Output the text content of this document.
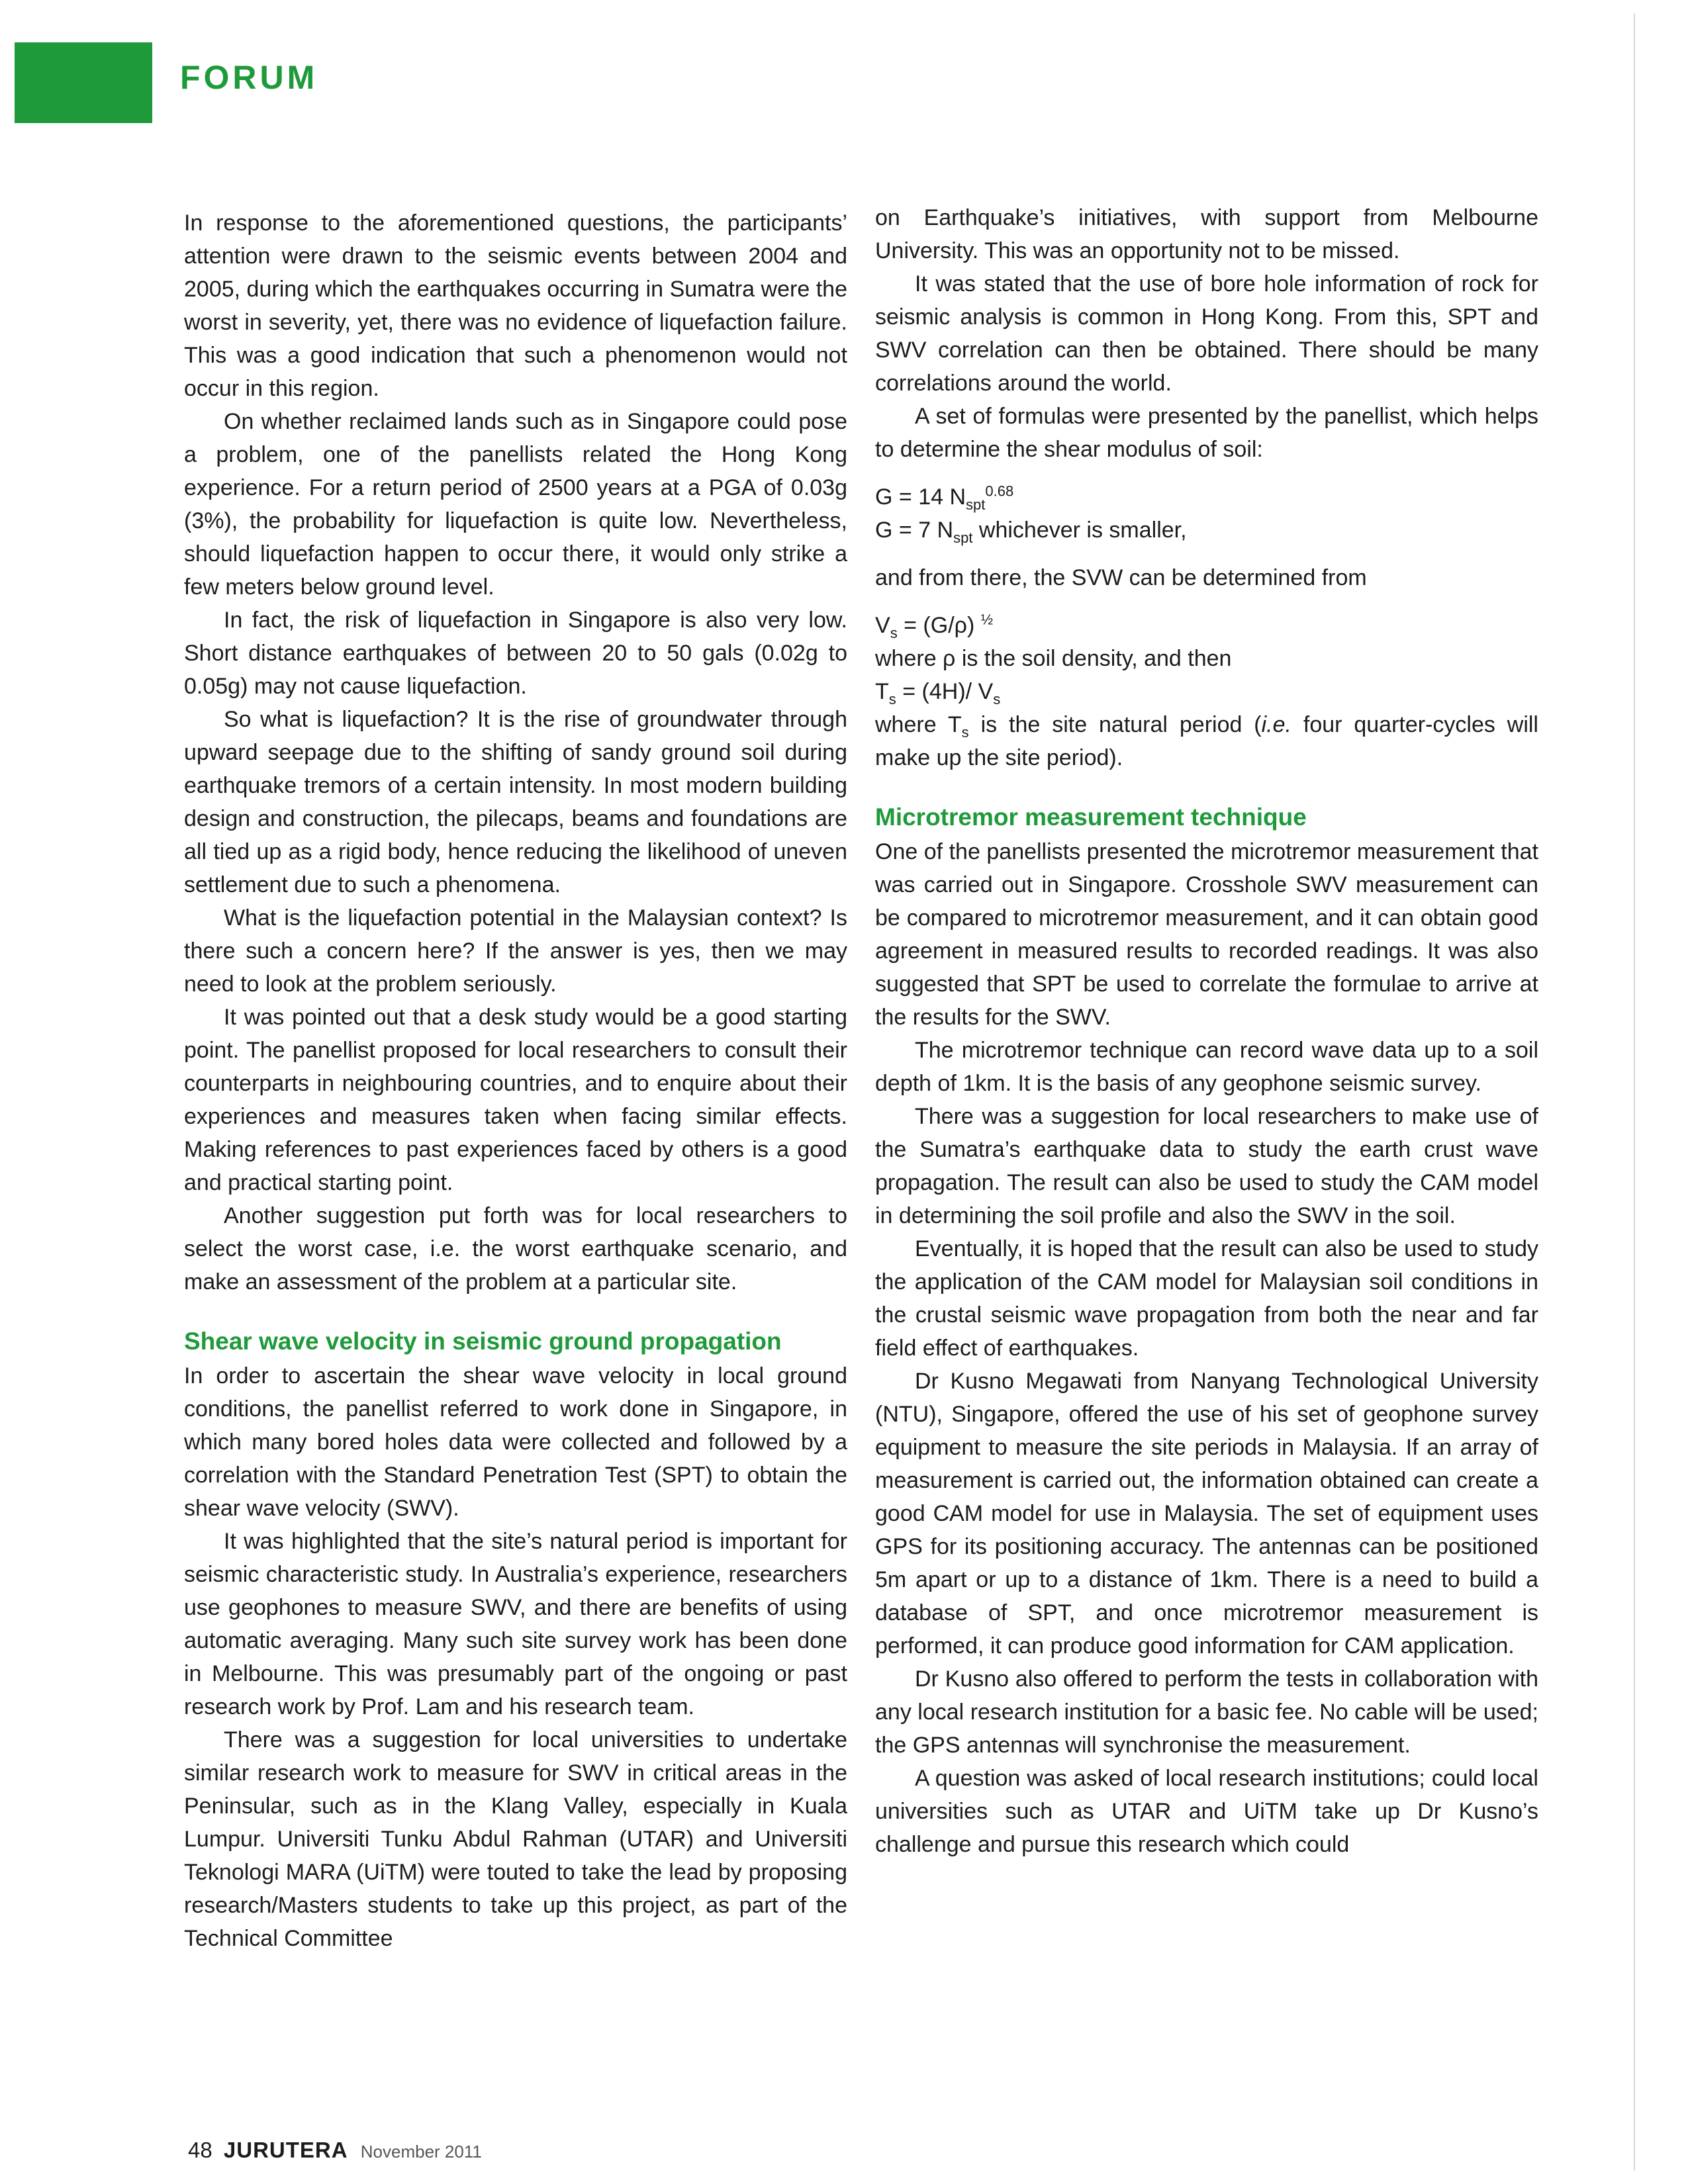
FORUM

In response to the aforementioned questions, the participants’ attention were drawn to the seismic events between 2004 and 2005, during which the earthquakes occurring in Sumatra were the worst in severity, yet, there was no evidence of liquefaction failure. This was a good indication that such a phenomenon would not occur in this region.

On whether reclaimed lands such as in Singapore could pose a problem, one of the panellists related the Hong Kong experience. For a return period of 2500 years at a PGA of 0.03g (3%), the probability for liquefaction is quite low. Nevertheless, should liquefaction happen to occur there, it would only strike a few meters below ground level.

In fact, the risk of liquefaction in Singapore is also very low. Short distance earthquakes of between 20 to 50 gals (0.02g to 0.05g) may not cause liquefaction.

So what is liquefaction? It is the rise of groundwater through upward seepage due to the shifting of sandy ground soil during earthquake tremors of a certain intensity. In most modern building design and construction, the pilecaps, beams and foundations are all tied up as a rigid body, hence reducing the likelihood of uneven settlement due to such a phenomena.

What is the liquefaction potential in the Malaysian context? Is there such a concern here? If the answer is yes, then we may need to look at the problem seriously.

It was pointed out that a desk study would be a good starting point. The panellist proposed for local researchers to consult their counterparts in neighbouring countries, and to enquire about their experiences and measures taken when facing similar effects. Making references to past experiences faced by others is a good and practical starting point.

Another suggestion put forth was for local researchers to select the worst case, i.e. the worst earthquake scenario, and make an assessment of the problem at a particular site.

Shear wave velocity in seismic ground propagation

In order to ascertain the shear wave velocity in local ground conditions, the panellist referred to work done in Singapore, in which many bored holes data were collected and followed by a correlation with the Standard Penetration Test (SPT) to obtain the shear wave velocity (SWV).

It was highlighted that the site’s natural period is important for seismic characteristic study. In Australia’s experience, researchers use geophones to measure SWV, and there are benefits of using automatic averaging. Many such site survey work has been done in Melbourne. This was presumably part of the ongoing or past research work by Prof. Lam and his research team.

There was a suggestion for local universities to undertake similar research work to measure for SWV in critical areas in the Peninsular, such as in the Klang Valley, especially in Kuala Lumpur. Universiti Tunku Abdul Rahman (UTAR) and Universiti Teknologi MARA (UiTM) were touted to take the lead by proposing research/Masters students to take up this project, as part of the Technical Committee

on Earthquake’s initiatives, with support from Melbourne University. This was an opportunity not to be missed.

It was stated that the use of bore hole information of rock for seismic analysis is common in Hong Kong. From this, SPT and SWV correlation can then be obtained. There should be many correlations around the world.

A set of formulas were presented by the panellist, which helps to determine the shear modulus of soil:

G = 14 $N_{spt}^{0.68}$

G = 7 $N_{spt}$ whichever is smaller,

and from there, the SVW can be determined from

$V_s = (G/\rho)$ $^{\frac{1}{2}}$

where ρ is the soil density, and then

$T_s = (4H)/$ $V_s$

where $T_s$ is the site natural period (i.e. four quarter-cycles will make up the site period).

Microtremor measurement technique

One of the panellists presented the microtremor measurement that was carried out in Singapore. Crosshole SWV measurement can be compared to microtremor measurement, and it can obtain good agreement in measured results to recorded readings. It was also suggested that SPT be used to correlate the formulae to arrive at the results for the SWV.

The microtremor technique can record wave data up to a soil depth of 1km. It is the basis of any geophone seismic survey.

There was a suggestion for local researchers to make use of the Sumatra’s earthquake data to study the earth crust wave propagation. The result can also be used to study the CAM model in determining the soil profile and also the SWV in the soil.

Eventually, it is hoped that the result can also be used to study the application of the CAM model for Malaysian soil conditions in the crustal seismic wave propagation from both the near and far field effect of earthquakes.

Dr Kusno Megawati from Nanyang Technological University (NTU), Singapore, offered the use of his set of geophone survey equipment to measure the site periods in Malaysia. If an array of measurement is carried out, the information obtained can create a good CAM model for use in Malaysia. The set of equipment uses GPS for its positioning accuracy. The antennas can be positioned 5m apart or up to a distance of 1km. There is a need to build a database of SPT, and once microtremor measurement is performed, it can produce good information for CAM application.

Dr Kusno also offered to perform the tests in collaboration with any local research institution for a basic fee. No cable will be used; the GPS antennas will synchronise the measurement.

A question was asked of local research institutions; could local universities such as UTAR and UiTM take up Dr Kusno’s challenge and pursue this research which could

48 JURUTERA November 2011
